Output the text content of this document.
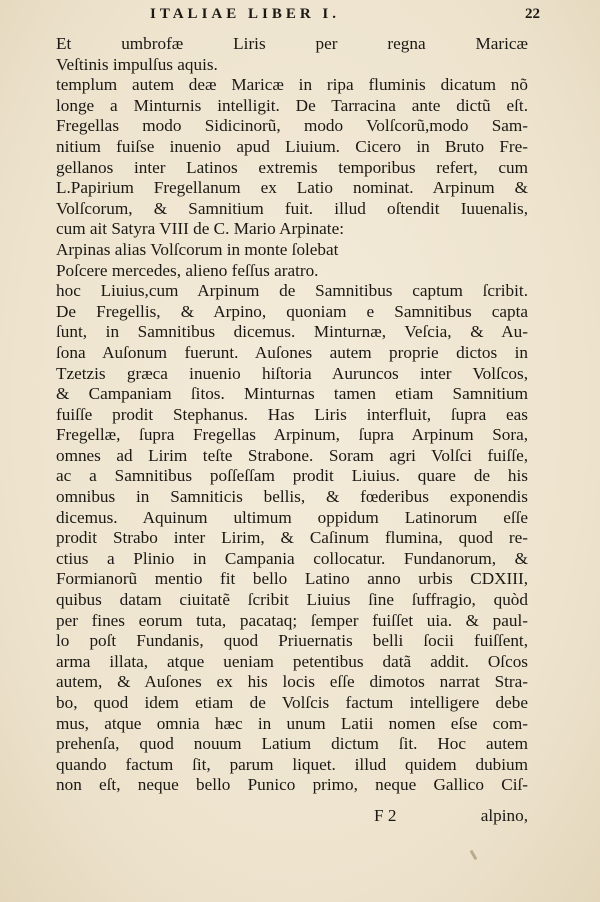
ITALIAE LIBER I.	22
Et umbrofæ Liris per regna Maricæ
Veſtinis impulſus aquis.
templum autem deæ Maricæ in ripa fluminis dicatum nõ
longe a Minturnis intelligit. De Tarracina ante dictũ eſt.
Fregellas modo Sidicinorũ, modo Volſcorũ,modo Sam-
nitium fuiſse inuenio apud Liuium. Cicero in Bruto Fre-
gellanos inter Latinos extremis temporibus refert, cum
L.Papirium Fregellanum ex Latio nominat. Arpinum &
Volſcorum, & Samnitium fuit. illud oſtendit Iuuenalis,
cum ait Satyra VIII de C. Mario Arpinate:
Arpinas alias Volſcorum in monte ſolebat
Poſcere mercedes, alieno feſſus aratro.
hoc Liuius,cum Arpinum de Samnitibus captum ſcribit.
De Fregellis, & Arpino, quoniam e Samnitibus capta
ſunt, in Samnitibus dicemus. Minturnæ, Veſcia, & Au-
ſona Auſonum fuerunt. Auſones autem proprie dictos in
Tzetzis græca inuenio hiſtoria Auruncos inter Volſcos,
& Campaniam ſitos. Minturnas tamen etiam Samnitium
fuiſſe prodit Stephanus. Has Liris interfluit, ſupra eas
Fregellæ, ſupra Fregellas Arpinum, ſupra Arpinum Sora,
omnes ad Lirim teſte Strabone. Soram agri Volſci fuiſſe,
ac a Samnitibus poſſeſſam prodit Liuius. quare de his
omnibus in Samniticis bellis, & fœderibus exponendis
dicemus. Aquinum ultimum oppidum Latinorum eſſe
prodit Strabo inter Lirim, & Caſinum flumina, quod re-
ctius a Plinio in Campania collocatur. Fundanorum, &
Formianorũ mentio fit bello Latino anno urbis CDXIII,
quibus datam ciuitatẽ ſcribit Liuius ſine ſuffragio, quòd
per fines eorum tuta, pacataq; ſemper fuiſſet uia. & paul-
lo poſt Fundanis, quod Priuernatis belli ſocii fuiſſent,
arma illata, atque ueniam petentibus datã addit. Oſcos
autem, & Auſones ex his locis eſſe dimotos narrat Stra-
bo, quod idem etiam de Volſcis factum intelligere debe
mus, atque omnia hæc in unum Latii nomen eſse com-
prehenſa, quod nouum Latium dictum ſit. Hoc autem
quando factum ſit, parum liquet. illud quidem dubium
non eſt, neque bello Punico primo, neque Gallico Ciſ-
F 2	alpino,
